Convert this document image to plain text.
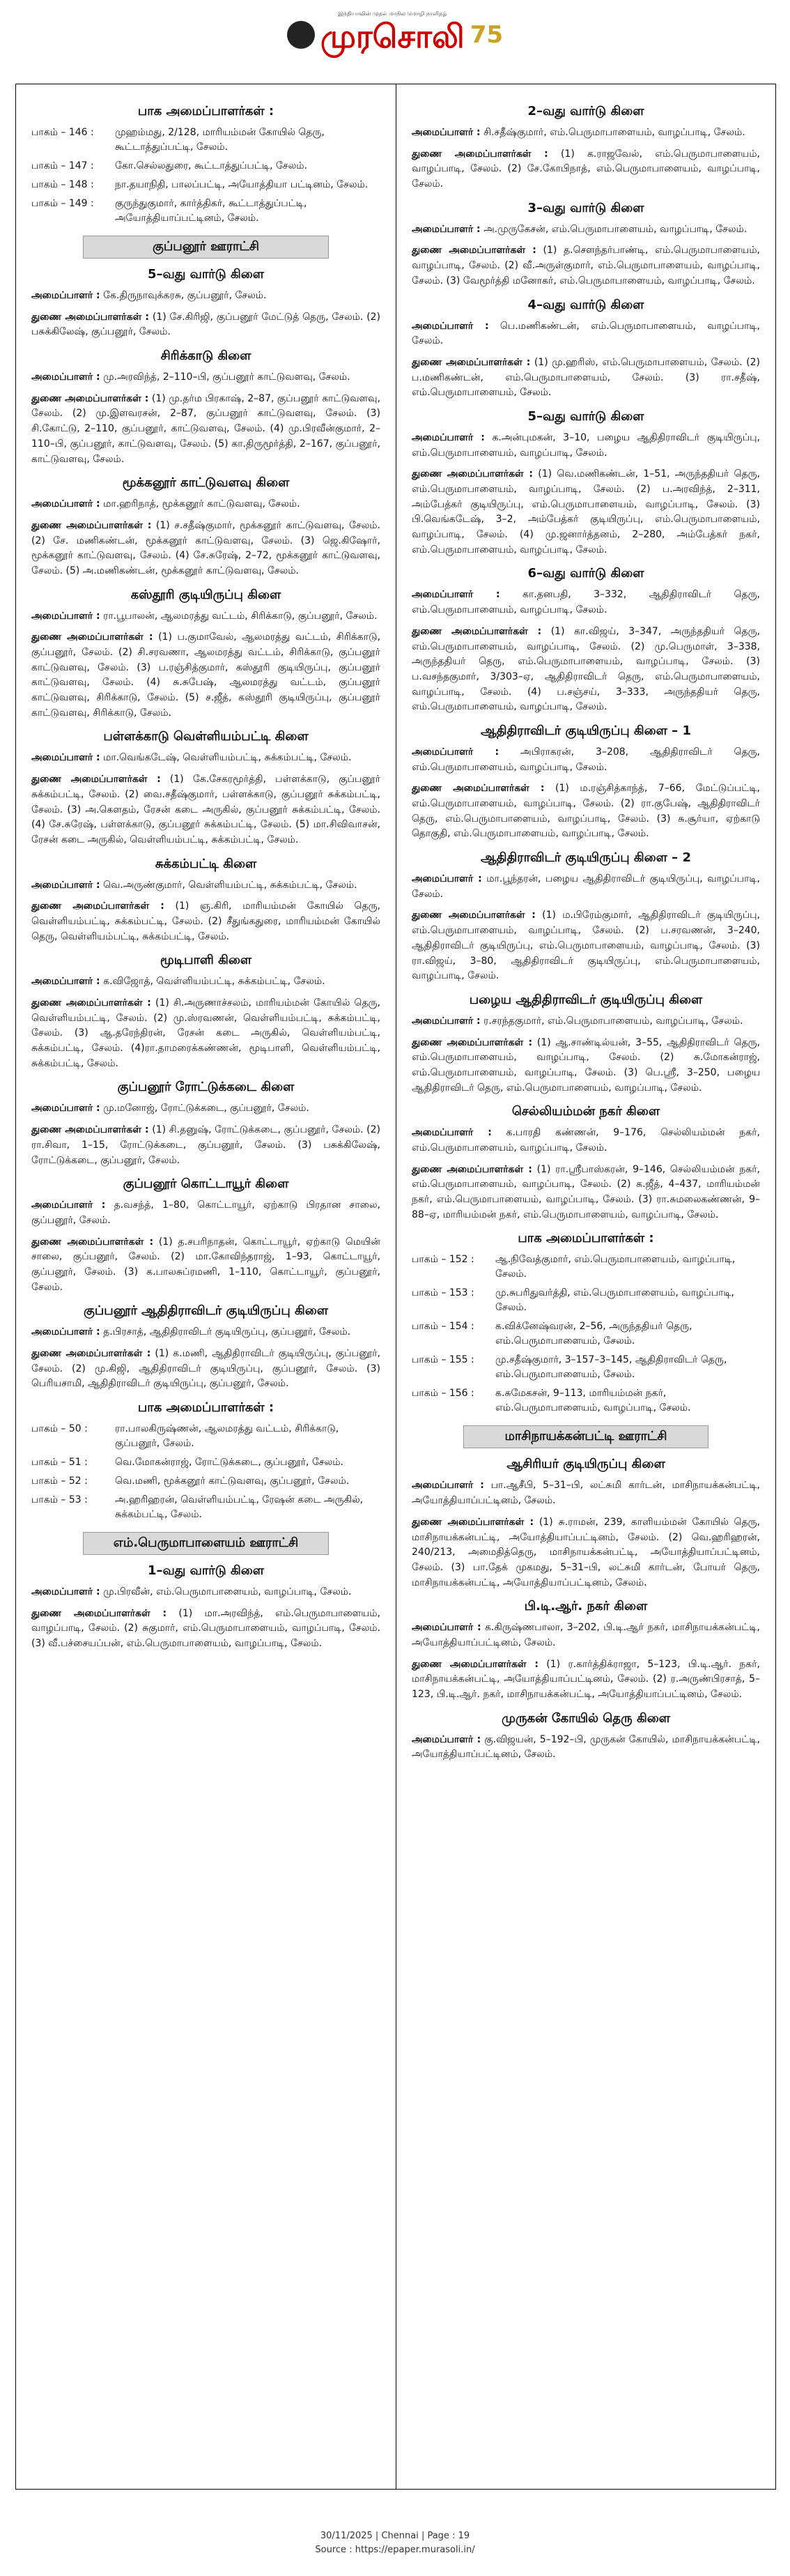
இந்தியாவின் முதல் மாநில மொழி நாளிதழ்
முரசொலி 75
பாக அமைப்பாளர்கள் :
பாகம் – 146 :	முஹம்மது, 2/128, மாரியம்மன் கோயில் தெரு, கூட்டாத்துப்பட்டி, சேலம்.
பாகம் – 147 :	கோ.செல்லதுரை, கூட்டாத்துப்பட்டி, சேலம்.
பாகம் – 148 :	நா.தயாநிதி, பாலப்பட்டி, அயோத்தியா பட்டினம், சேலம்.
பாகம் – 149 :	குருந்துகுமார், கார்த்திகர், கூட்டாத்துப்பட்டி, அயோத்தியாப்பட்டினம், சேலம்.
குப்பனூர் ஊராட்சி
5–வது வார்டு கிளை
அமைப்பாளர் : கே.திருநாவுக்கரசு, குப்பனூர், சேலம்.
துணை அமைப்பாளர்கள் : (1) சே.கிரிஜி, குப்பனூர் மேட்டுத் தெரு, சேலம். (2) பசுக்கிலேஷ், குப்பனூர், சேலம்.
சிரிக்காடு கிளை
அமைப்பாளர் : மு.அரவிந்த், 2–110–பி, குப்பனூர் காட்டுவளவு, சேலம்.
துணை அமைப்பாளர்கள் : (1) மு.தர்ம பிரகாஷ், 2–87, குப்பனூர் காட்டுவளவு, சேலம். (2) மு.இளவரசன், 2–87, குப்பனூர் காட்டுவளவு, சேலம். (3) சி.கோட்டு, 2–110, குப்பனூர், காட்டுவளவு, சேலம். (4) மு.பிரவீன்குமார், 2–110–பி, குப்பனூர், காட்டுவளவு, சேலம். (5) கா.திருமூர்த்தி, 2–167, குப்பனூர், காட்டுவளவு, சேலம்.
மூக்கனூர் காட்டுவளவு கிளை
அமைப்பாளர் : மா.ஹரிநாத், மூக்கனூர் காட்டுவளவு, சேலம்.
துணை அமைப்பாளர்கள் : (1) ச.சதீஷ்குமார், மூக்கனூர் காட்டுவளவு, சேலம். (2) சே. மணிகண்டன், மூக்கனூர் காட்டுவளவு, சேலம். (3) ஜெ.கிஷோர், மூக்கனூர் காட்டுவளவு, சேலம். (4) சே.சுரேஷ், 2–72, மூக்கனூர் காட்டுவளவு, சேலம். (5) அ.மணிகண்டன், மூக்கனூர் காட்டுவளவு, சேலம்.
கஸ்தூரி குடியிருப்பு கிளை
அமைப்பாளர் : ரா.பூபாலன், ஆலமரத்து வட்டம், சிரிக்காடு, குப்பனூர், சேலம்.
துணை அமைப்பாளர்கள் : (1) ப.குமாவேல், ஆலமரத்து வட்டம், சிரிக்காடு, குப்பனூர், சேலம். (2) சி.சரவணா, ஆலமரத்து வட்டம், சிரிக்காடு, குப்பனூர் காட்டுவளவு, சேலம். (3) ப.ரஞ்சித்குமார், கஸ்தூரி குடியிருப்பு, குப்பனூர் காட்டுவளவு, சேலம். (4) சு.சுபேஷ், ஆலமரத்து வட்டம், குப்பனூர் காட்டுவளவு, சிரிக்காடு, சேலம். (5) ச.ஜீத், கஸ்தூரி குடியிருப்பு, குப்பனூர் காட்டுவளவு, சிரிக்காடு, சேலம்.
பள்ளக்காடு வெள்ளியம்பட்டி கிளை
அமைப்பாளர் : மா.வெங்கடேஷ், வெள்ளியம்பட்டி, சுக்கம்பட்டி, சேலம்.
துணை அமைப்பாளர்கள் : (1) கே.சேகரமூர்த்தி, பள்ளக்காடு, குப்பனூர் சுக்கம்பட்டி, சேலம். (2) வை.சதீஷ்குமார், பள்ளக்காடு, குப்பனூர் சுக்கம்பட்டி, சேலம். (3) அ.கௌதம், ரேசன் கடை அருகில், குப்பனூர் சுக்கம்பட்டி, சேலம். (4) சே.சுரேஷ், பள்ளக்காடு, குப்பனூர் சுக்கம்பட்டி, சேலம். (5) மா.சிவிவாசன், ரேசன் கடை அருகில், வெள்ளியம்பட்டி, சுக்கம்பட்டி, சேலம்.
சுக்கம்பட்டி கிளை
அமைப்பாளர் : வெ.அருண்குமார், வெள்ளியம்பட்டி, சுக்கம்பட்டி, சேலம்.
துணை அமைப்பாளர்கள் : (1) ஞ.கிரி, மாரியம்மன் கோயில் தெரு, வெள்ளியம்பட்டி, சுக்கம்பட்டி, சேலம். (2) சீதுங்கதுரை, மாரியம்மன் கோயில் தெரு, வெள்ளியம்பட்டி, சுக்கம்பட்டி, சேலம்.
மூடிபாளி கிளை
அமைப்பாளர் : க.விஜோத், வெள்ளியம்பட்டி, சுக்கம்பட்டி, சேலம்.
துணை அமைப்பாளர்கள் : (1) சி.அருணாச்சலம், மாரியம்மன் கோயில் தெரு, வெள்ளியம்பட்டி, சேலம். (2) மு.ஸ்ரவணன், வெள்ளியம்பட்டி, சுக்கம்பட்டி, சேலம். (3) ஆ.தரேந்திரன், ரேசன் கடை அருகில், வெள்ளியம்பட்டி, சுக்கம்பட்டி, சேலம். (4)ரா.தாமரைக்கண்ணன், மூடிபாளி, வெள்ளியம்பட்டி, சுக்கம்பட்டி, சேலம்.
குப்பனூர் ரோட்டுக்கடை கிளை
அமைப்பாளர் : மு.மனோஜ், ரோட்டுக்கடை, குப்பனூர், சேலம்.
துணை அமைப்பாளர்கள் : (1) சி.தனுஷ், ரோட்டுக்கடை, குப்பனூர், சேலம். (2) ரா.சிவா, 1–15, ரோட்டுக்கடை, குப்பனூர், சேலம். (3) பசுக்கிலேஷ், ரோட்டுக்கடை, குப்பனூர், சேலம்.
குப்பனூர் கொட்டாயூர் கிளை
அமைப்பாளர் : த.வசந்த், 1–80, கொட்டாயூர், ஏற்காடு பிரதான சாலை, குப்பனூர், சேலம்.
துணை அமைப்பாளர்கள் : (1) த.சபரிநாதன், கொட்டாயூர், ஏற்காடு மெயின் சாலை, குப்பனூர், சேலம். (2) மா.கோவிந்தராஜ், 1–93, கொட்டாயூர், குப்பனூர், சேலம். (3) க.பாலசுப்ரமணி, 1–110, கொட்டாயூர், குப்பனூர், சேலம்.
குப்பனூர் ஆதிதிராவிடர் குடியிருப்பு கிளை
அமைப்பாளர் : த.பிரசாத், ஆதிதிராவிடர் குடியிருப்பு, குப்பனூர், சேலம்.
துணை அமைப்பாளர்கள் : (1) க.மணி, ஆதிதிராவிடர் குடியிருப்பு, குப்பனூர், சேலம். (2) மு.கிஜி, ஆதிதிராவிடர் குடியிருப்பு, குப்பனூர், சேலம். (3) பெரியசாமி, ஆதிதிராவிடர் குடியிருப்பு, குப்பனூர், சேலம்.
பாக அமைப்பாளர்கள் :
பாகம் – 50 :	ரா.பாலகிருஷ்ணன், ஆலமரத்து வட்டம், சிரிக்காடு, குப்பனூர், சேலம்.
பாகம் – 51 :	வெ.மோகன்ராஜ், ரோட்டுக்கடை, குப்பனூர், சேலம்.
பாகம் – 52 :	வெ.மணி, மூக்கனூர் காட்டுவளவு, குப்பனூர், சேலம்.
பாகம் – 53 :	அ.ஹரிஹரன், வெள்ளியம்பட்டி, ரேஷன் கடை அருகில், சுக்கம்பட்டி, சேலம்.
எம்.பெருமாபாளையம் ஊராட்சி
1–வது வார்டு கிளை
அமைப்பாளர் : மு.பிரவீன், எம்.பெருமாபாளையம், வாழப்பாடி, சேலம்.
துணை அமைப்பாளர்கள் : (1) மா.அரவிந்த், எம்.பெருமாபாளையம், வாழப்பாடி, சேலம். (2) சுகுமார், எம்.பெருமாபாளையம், வாழப்பாடி, சேலம். (3) வீ.பச்சையப்பன், எம்.பெருமாபாளையம், வாழப்பாடி, சேலம்.
2–வது வார்டு கிளை
அமைப்பாளர் : சி.சதீஷ்குமார், எம்.பெருமாபாளையம், வாழப்பாடி, சேலம்.
துணை அமைப்பாளர்கள் : (1) க.ராஜவேல், எம்.பெருமாபாளையம், வாழப்பாடி, சேலம். (2) சே.கோபிநாத், எம்.பெருமாபாளையம், வாழப்பாடி, சேலம்.
3–வது வார்டு கிளை
அமைப்பாளர் : அ.முருகேசன், எம்.பெருமாபாளையம், வாழப்பாடி, சேலம்.
துணை அமைப்பாளர்கள் : (1) த.செளந்தர்பாண்டி, எம்.பெருமாபாளையம், வாழப்பாடி, சேலம். (2) வீ.அருள்குமார், எம்.பெருமாபாளையம், வாழப்பாடி, சேலம். (3) வேமூர்த்தி மனோகர், எம்.பெருமாபாளையம், வாழப்பாடி, சேலம்.
4–வது வார்டு கிளை
அமைப்பாளர் : பெ.மணிகண்டன், எம்.பெருமாபாளையம், வாழப்பாடி, சேலம்.
துணை அமைப்பாளர்கள் : (1) மு.ஹரிஸ், எம்.பெருமாபாளையம், சேலம். (2) ப.மணிகண்டன், எம்.பெருமாபாளையம், சேலம். (3) ரா.சதீஷ், எம்.பெருமாபாளையம், சேலம்.
5–வது வார்டு கிளை
அமைப்பாளர் : க.அன்புமகன், 3–10, பழைய ஆதிதிராவிடர் குடியிருப்பு, எம்.பெருமாபாளையம், வாழப்பாடி, சேலம்.
துணை அமைப்பாளர்கள் : (1) வெ.மணிகண்டன், 1–51, அருந்ததியர் தெரு, எம்.பெருமாபாளையம், வாழப்பாடி, சேலம். (2) ப.அரவிந்த், 2–311, அம்பேத்கர் குடியிருப்பு, எம்.பெருமாபாளையம், வாழப்பாடி, சேலம். (3) பி.வெங்கடேஷ், 3–2, அம்பேத்கர் குடியிருப்பு, எம்.பெருமாபாளையம், வாழப்பாடி, சேலம். (4) மு.ஜனார்த்தனம், 2–280, அம்பேத்கர் நகர், எம்.பெருமாபாளையம், வாழப்பாடி, சேலம்.
6–வது வார்டு கிளை
அமைப்பாளர் : கா.தனபதி, 3–332, ஆதிதிராவிடர் தெரு, எம்.பெருமாபாளையம், வாழப்பாடி, சேலம்.
துணை அமைப்பாளர்கள் : (1) கா.விஜய், 3–347, அருந்ததியர் தெரு, எம்.பெருமாபாளையம், வாழப்பாடி, சேலம். (2) மு.பெருமாள், 3–338, அருந்ததியர் தெரு, எம்.பெருமாபாளையம், வாழப்பாடி, சேலம். (3) ப.வசந்தகுமார், 3/303–ஏ, ஆதிதிராவிடர் தெரு, எம்.பெருமாபாளையம், வாழப்பாடி, சேலம். (4) ப.சஞ்சய், 3–333, அருந்ததியர் தெரு, எம்.பெருமாபாளையம், வாழப்பாடி, சேலம்.
ஆதிதிராவிடர் குடியிருப்பு கிளை – 1
அமைப்பாளர் : அபிராகரன், 3–208, ஆதிதிராவிடர் தெரு, எம்.பெருமாபாளையம், வாழப்பாடி, சேலம்.
துணை அமைப்பாளர்கள் : (1) ம.ரஞ்சித்காந்த், 7–66, மேட்டுப்பட்டி, எம்.பெருமாபாளையம், வாழப்பாடி, சேலம். (2) ரா.குபேஷ், ஆதிதிராவிடர் தெரு, எம்.பெருமாபாளையம், வாழப்பாடி, சேலம். (3) சு.சூர்யா, ஏற்காடு தொகுதி, எம்.பெருமாபாளையம், வாழப்பாடி, சேலம்.
ஆதிதிராவிடர் குடியிருப்பு கிளை – 2
அமைப்பாளர் : மா.பூந்தரன், பழைய ஆதிதிராவிடர் குடியிருப்பு, வாழப்பாடி, சேலம்.
துணை அமைப்பாளர்கள் : (1) ம.பிரேம்குமார், ஆதிதிராவிடர் குடியிருப்பு, எம்.பெருமாபாளையம், வாழப்பாடி, சேலம். (2) ப.சரவணன், 3–240, ஆதிதிராவிடர் குடியிருப்பு, எம்.பெருமாபாளையம், வாழப்பாடி, சேலம். (3) ரா.விஜய், 3–80, ஆதிதிராவிடர் குடியிருப்பு, எம்.பெருமாபாளையம், வாழப்பாடி, சேலம்.
பழைய ஆதிதிராவிடர் குடியிருப்பு கிளை
அமைப்பாளர் : ர.சரந்தகுமார், எம்.பெருமாபாளையம், வாழப்பாடி, சேலம்.
துணை அமைப்பாளர்கள் : (1) ஆ.சாண்டில்யன், 3–55, ஆதிதிராவிடர் தெரு, எம்.பெருமாபாளையம், வாழப்பாடி, சேலம். (2) சு.மோகன்ராஜ், எம்.பெருமாபாளையம், வாழப்பாடி, சேலம். (3) பெ.ஸ்ரீ, 3–250, பழைய ஆதிதிராவிடர் தெரு, எம்.பெருமாபாளையம், வாழப்பாடி, சேலம்.
செல்லியம்மன் நகர் கிளை
அமைப்பாளர் : க.பாரதி கண்ணன், 9–176, செல்லியம்மன் நகர், எம்.பெருமாபாளையம், வாழப்பாடி, சேலம்.
துணை அமைப்பாளர்கள் : (1) ரா.ஸ்ரீபாஸ்கரன், 9–146, செல்லியம்மன் நகர், எம்.பெருமாபாளையம், வாழப்பாடி, சேலம். (2) க.ஜீத், 4–437, மாரியம்மன் நகர், எம்.பெருமாபாளையம், வாழப்பாடி, சேலம். (3) ரா.சுமலைகண்ணன், 9–88–ஏ, மாரியம்மன் நகர், எம்.பெருமாபாளையம், வாழப்பாடி, சேலம்.
பாக அமைப்பாளர்கள் :
பாகம் – 152 :	ஆ.நிவேத்குமார், எம்.பெருமாபாளையம், வாழப்பாடி, சேலம்.
பாகம் – 153 :	மு.சுபரிதுவர்த்தி, எம்.பெருமாபாளையம், வாழப்பாடி, சேலம்.
பாகம் – 154 :	க.விக்னேஷ்வரன், 2–56, அருந்ததியர் தெரு, எம்.பெருமாபாளையம், சேலம்.
பாகம் – 155 :	மு.சதீஷ்குமார், 3–157–3–145, ஆதிதிராவிடர் தெரு, எம்.பெருமாபாளையம், சேலம்.
பாகம் – 156 :	க.சுமேகசன், 9–113, மாரியம்மன் நகர், எம்.பெருமாபாளையம், வாழப்பாடி, சேலம்.
மாசிநாயக்கன்பட்டி ஊராட்சி
ஆசிரியர் குடியிருப்பு கிளை
அமைப்பாளர் : பா.ஆசீபி, 5–31–பி, லட்சுமி கார்டன், மாசிநாயக்கன்பட்டி, அயோத்தியாப்பட்டினம், சேலம்.
துணை அமைப்பாளர்கள் : (1) சு.ராமன், 239, காளியம்மன் கோயில் தெரு, மாசிநாயக்கன்பட்டி, அயோத்தியாப்பட்டினம், சேலம். (2) வெ.ஹரிஹரன், 240/213, அமைதித்தெரு, மாசிநாயக்கன்பட்டி, அயோத்தியாப்பட்டினம், சேலம். (3) பா.தேக் முகமது, 5–31–பி, லட்சுமி கார்டன், போயர் தெரு, மாசிநாயக்கன்பட்டி, அயோத்தியாப்பட்டினம், சேலம்.
பி.டி.ஆர். நகர் கிளை
அமைப்பாளர் : க.கிருஷ்ணபாலா, 3–202, பி.டி.ஆர் நகர், மாசிநாயக்கன்பட்டி, அயோத்தியாப்பட்டினம், சேலம்.
துணை அமைப்பாளர்கள் : (1) ர.கார்த்திக்ராஜா, 5–123, பி.டி.ஆர். நகர், மாசிநாயக்கன்பட்டி, அயோத்தியாப்பட்டினம், சேலம். (2) ர.அருண்பிரசாத், 5–123, பி.டி.ஆர். நகர், மாசிநாயக்கன்பட்டி, அயோத்தியாப்பட்டினம், சேலம்.
முருகன் கோயில் தெரு கிளை
அமைப்பாளர் : கு.விஜயன், 5–192–பி, முருகன் கோயில், மாசிநாயக்கன்பட்டி, அயோத்தியாப்பட்டினம், சேலம்.
30/11/2025 | Chennai | Page : 19
Source : https://epaper.murasoli.in/
